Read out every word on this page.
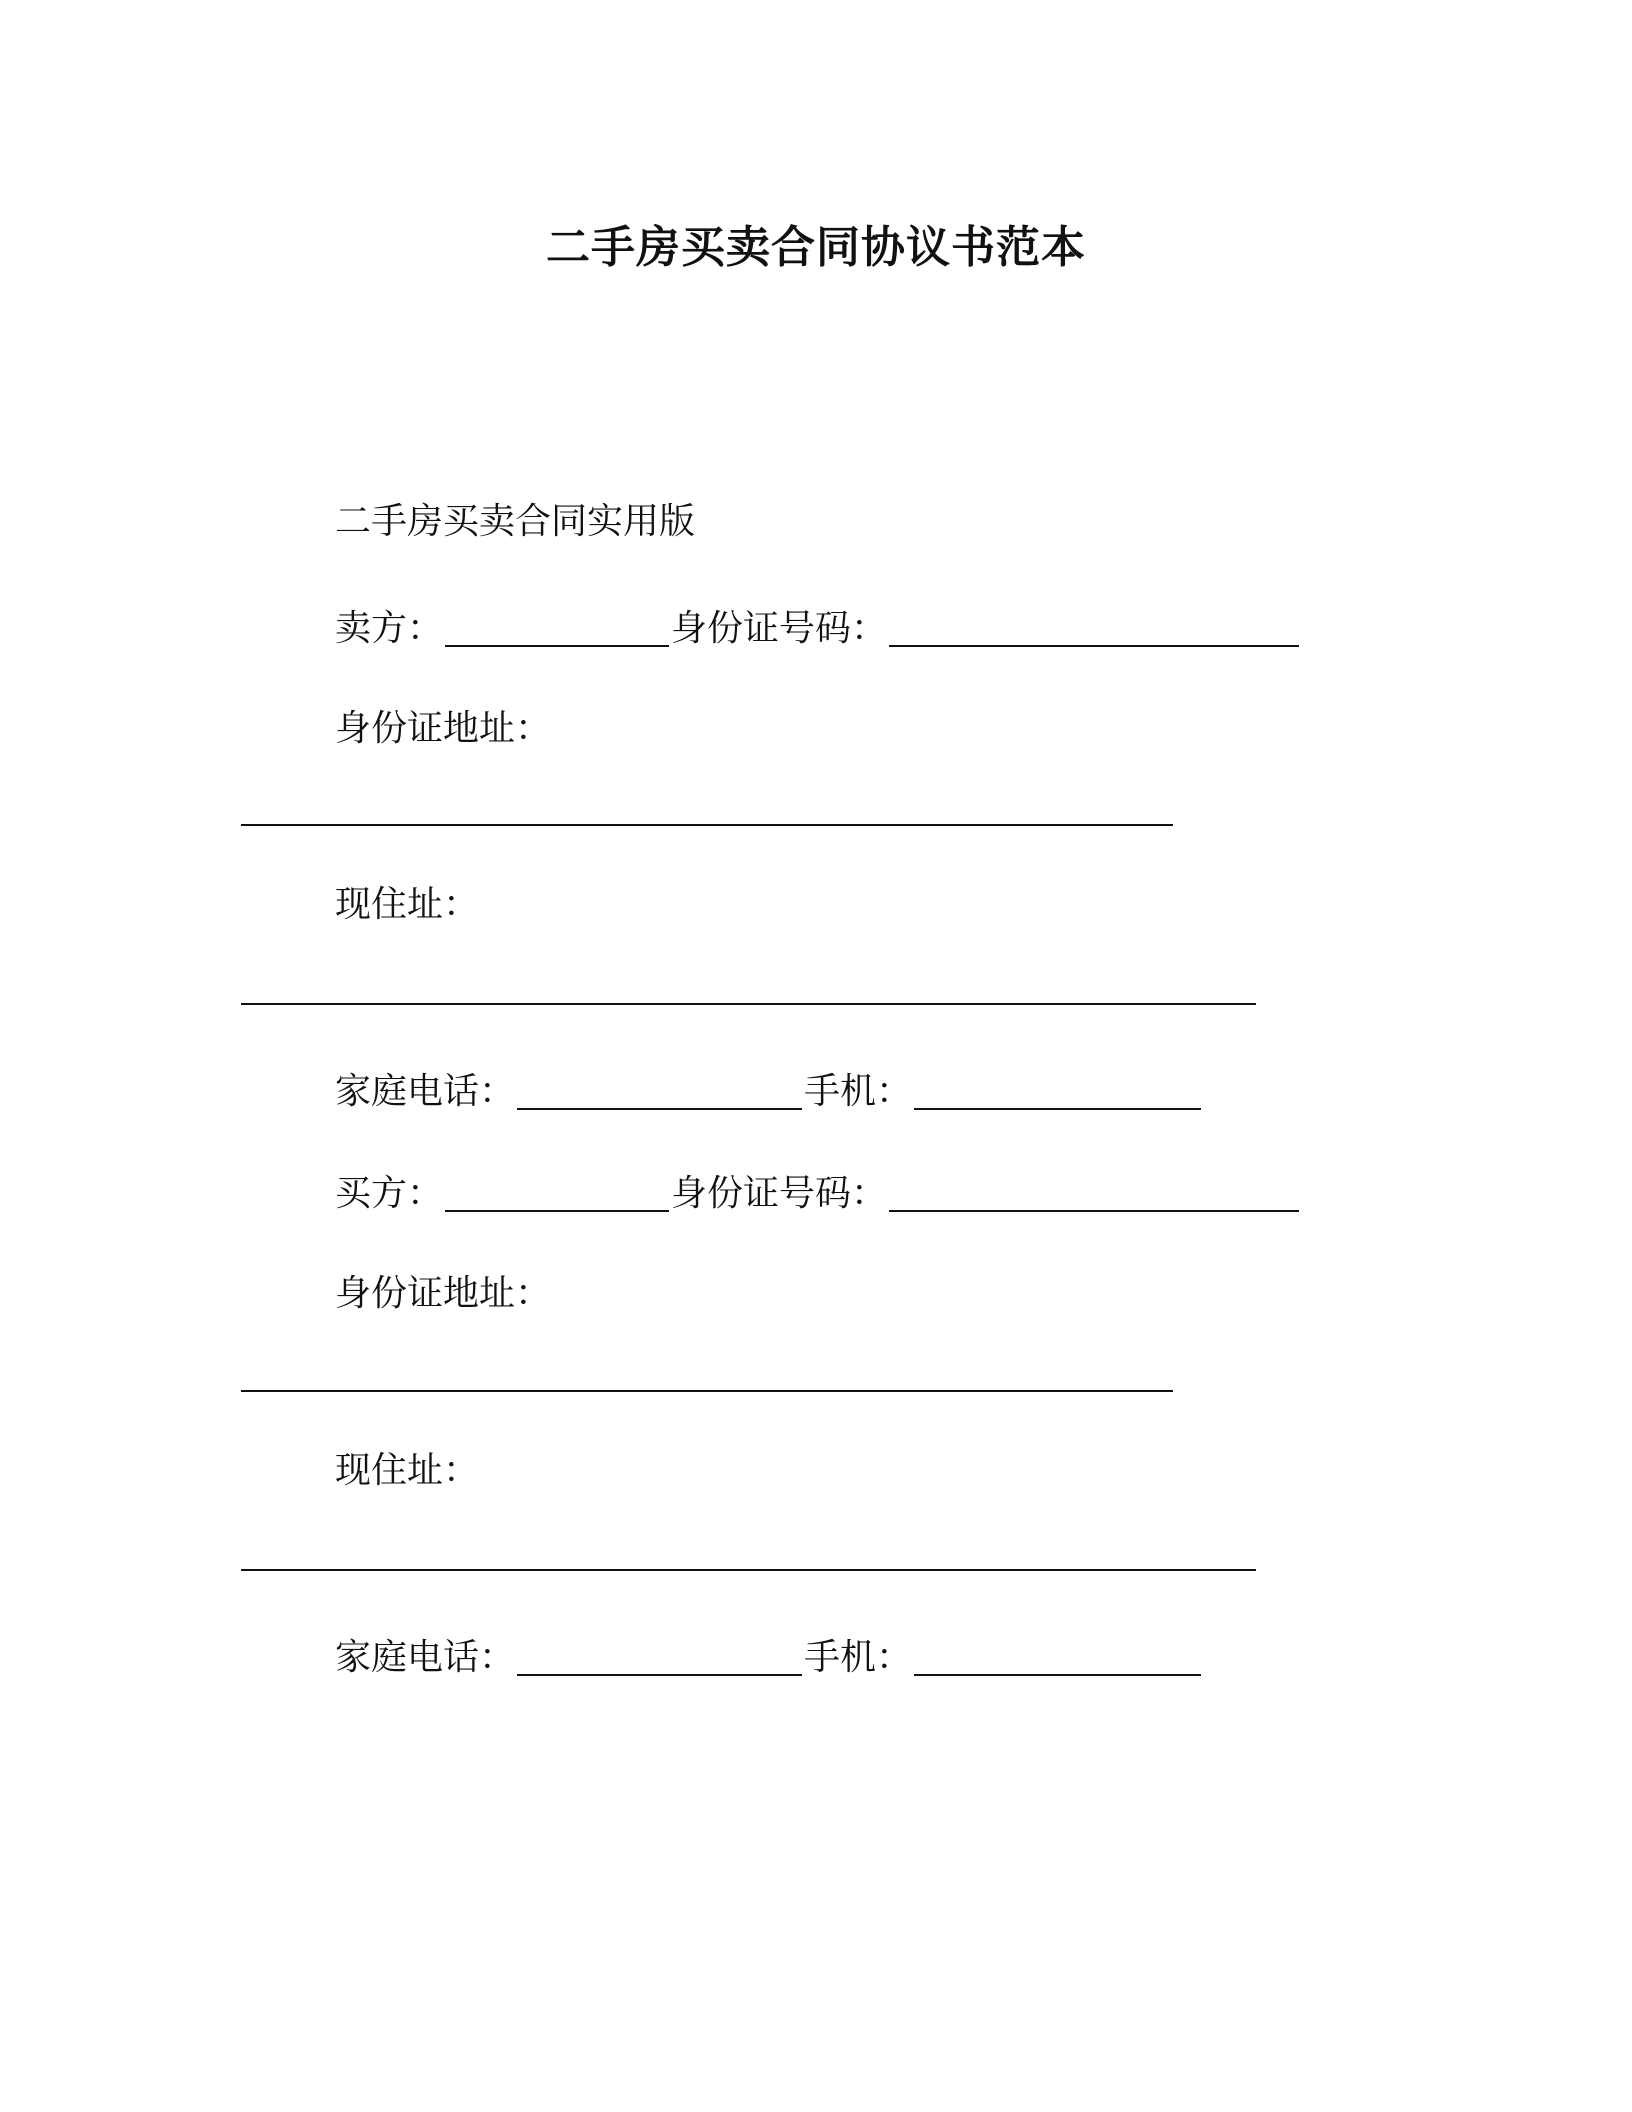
二手房买卖合同协议书范本
二手房买卖合同实用版
卖方：	身份证号码：
身份证地址：
现住址：
家庭电话：	手机：
买方：	身份证号码：
身份证地址：
现住址：
家庭电话：	手机：
